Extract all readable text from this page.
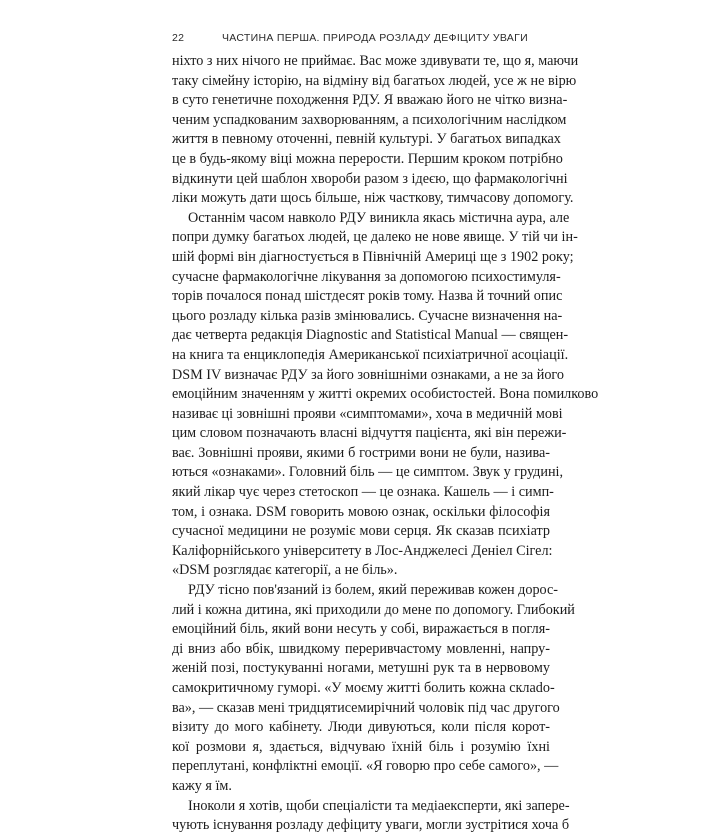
22	ЧАСТИНА ПЕРША. ПРИРОДА РОЗЛАДУ ДЕФІЦИТУ УВАГИ

ніхто з них нічого не приймає. Вас може здивувати те, що я, маючи
таку сімейну історію, на відміну від багатьох людей, усе ж не вірю
в суто генетичне походження РДУ. Я вважаю його не чітко визна-
ченим успадкованим захворюванням, а психологічним наслідком
життя в певному оточенні, певній культурі. У багатьох випадках
це в будь-якому віці можна перерости. Першим кроком потрібно
відкинути цей шаблон хвороби разом з ідеєю, що фармакологічні
ліки можуть дати щось більше, ніж часткову, тимчасову допомогу.

Останнім часом навколо РДУ виникла якась містична аура, але
попри думку багатьох людей, це далеко не нове явище. У тій чи ін-
шій формі він діагностується в Північній Америці ще з 1902 року;
сучасне фармакологічне лікування за допомогою психостимуля-
торів почалося понад шістдесят років тому. Назва й точний опис
цього розладу кілька разів змінювались. Сучасне визначення на-
дає четверта редакція Diagnostic and Statistical Manual — священ-
на книга та енциклопедія Американської психіатричної асоціації.
DSM IV визначає РДУ за його зовнішніми ознаками, а не за його
емоційним значенням у житті окремих особистостей. Вона помилково
називає ці зовнішні прояви «симптомами», хоча в медичній мові
цим словом позначають власні відчуття пацієнта, які він пережи-
ває. Зовнішні прояви, якими б гострими вони не були, назива-
ються «ознаками». Головний біль — це симптом. Звук у грудині,
який лікар чує через стетоскоп — це ознака. Кашель — і симп-
том, і ознака. DSM говорить мовою ознак, оскільки філософія
сучасної медицини не розуміє мови серця. Як сказав психіатр
Каліфорнійського університету в Лос-Анджелесі Деніел Сігел:
«DSM розглядає категорії, а не біль».

РДУ тісно пов'язаний із болем, який переживав кожен дорос-
лий і кожна дитина, які приходили до мене по допомогу. Глибокий
емоційний біль, який вони несуть у собі, виражається в погля-
ді вниз або вбік, швидкому переривчастому мовленні, напру-
женій позі, постукуванні ногами, метушні рук та в нервовому
самокритичному гуморі. «У моєму житті болить кожна склado-
ва», — сказав мені тридцятисемирічний чоловік під час другого
візиту до мого кабінету. Люди дивуються, коли після корот-
кої розмови я, здається, відчуваю їхній біль і розумію їхні
переплутані, конфліктні емоції. «Я говорю про себе самого», —
кажу я їм.

Іноколи я хотів, щоби спеціалісти та медіаексперти, які запере-
чують існування розладу дефіциту уваги, могли зустрітися хоча б
